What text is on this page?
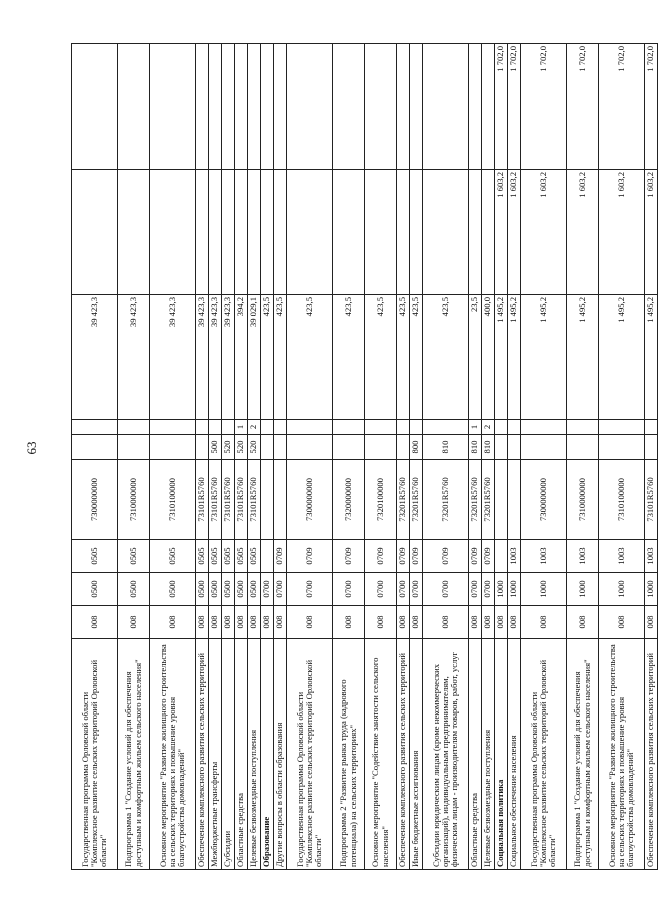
63
Государственная программа Орловской области "Комплексное развитие сельских территорий Орловской области"	008	0500	0505	7300000000			39 423,3		
Подпрограмма 1 "Создание условий для обеспечения доступным и комфортным жильем сельского населения"	008	0500	0505	7310000000			39 423,3		
Основное мероприятие "Развитие жилищного строительства на сельских территориях и повышение уровня благоустройства домовладений"	008	0500	0505	7310100000			39 423,3		
Обеспечение комплексного развития сельских территорий	008	0500	0505	73101R5760			39 423,3		
Межбюджетные трансферты	008	0500	0505	73101R5760	500		39 423,3		
Субсидии	008	0500	0505	73101R5760	520		39 423,3		
Областные средства	008	0500	0505	73101R5760	520	1	394,2		
Целевые безвозмездные поступления	008	0500	0505	73101R5760	520	2	39 029,1		
Образование	008	0700					423,5		
Другие вопросы в области образования	008	0700	0709				423,5		
Государственная программа Орловской области "Комплексное развитие сельских территорий Орловской области"	008	0700	0709	7300000000			423,5		
Подпрограмма 2 "Развитие рынка труда (кадрового потенциала) на сельских территориях"	008	0700	0709	7320000000			423,5		
Основное мероприятие "Содействие занятости сельского населения"	008	0700	0709	7320100000			423,5		
Обеспечение комплексного развития сельских территорий	008	0700	0709	73201R5760			423,5		
Иные бюджетные ассигнования	008	0700	0709	73201R5760	800		423,5		
Субсидии юридическим лицам (кроме некоммерческих организаций), индивидуальным предпринимателям, физическим лицам - производителям товаров, работ, услуг	008	0700	0709	73201R5760	810		423,5		
Областные средства	008	0700	0709	73201R5760	810	1	23,5		
Целевые безвозмездные поступления	008	0700	0709	73201R5760	810	2	400,0		
Социальная политика	008	1000					1 495,2	1 603,2	1 702,0
Социальное обеспечение населения	008	1000	1003				1 495,2	1 603,2	1 702,0
Государственная программа Орловской области "Комплексное развитие сельских территорий Орловской области"	008	1000	1003	7300000000			1 495,2	1 603,2	1 702,0
Подпрограмма 1 "Создание условий для обеспечения доступным и комфортным жильем сельского населения"	008	1000	1003	7310000000			1 495,2	1 603,2	1 702,0
Основное мероприятие "Развитие жилищного строительства на сельских территориях и повышение уровня благоустройства домовладений"	008	1000	1003	7310100000			1 495,2	1 603,2	1 702,0
Обеспечение комплексного развития сельских территорий	008	1000	1003	73101R5760			1 495,2	1 603,2	1 702,0
